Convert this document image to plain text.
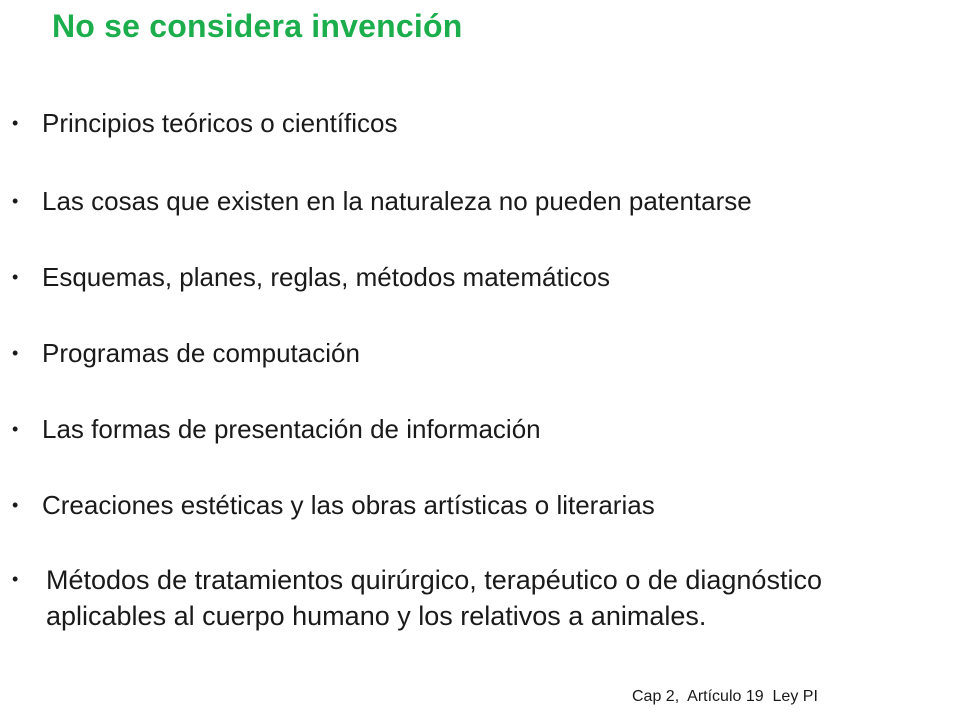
No se considera invención
• Principios teóricos o científicos
• Las cosas que existen en la naturaleza no pueden patentarse
• Esquemas, planes, reglas, métodos matemáticos
• Programas de computación
• Las formas de presentación de información
• Creaciones estéticas y las obras artísticas o literarias
• Métodos de tratamientos quirúrgico, terapéutico o de diagnóstico aplicables al cuerpo humano y los relativos a animales.
Cap 2,  Artículo 19  Ley PI
